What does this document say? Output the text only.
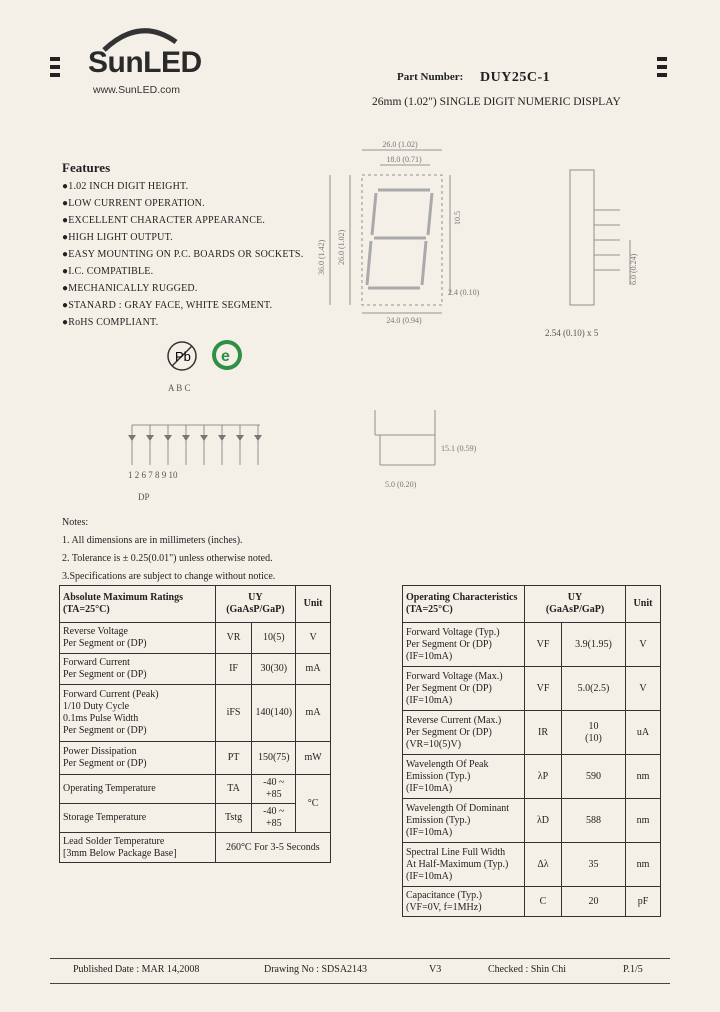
SunLED
www.SunLED.com
Part Number: DUY25C-1
26mm (1.02") SINGLE DIGIT NUMERIC DISPLAY
Features
●1.02 INCH DIGIT HEIGHT.
●LOW CURRENT OPERATION.
●EXCELLENT CHARACTER APPEARANCE.
●HIGH LIGHT OUTPUT.
●EASY MOUNTING ON P.C. BOARDS OR SOCKETS.
●I.C. COMPATIBLE.
●MECHANICALLY RUGGED.
●STANARD : GRAY FACE, WHITE SEGMENT.
●RoHS COMPLIANT.
Pb e
A B C
26.0 (1.02)
18.0 (0.71)
24.0 (0.94)
36.0 (1.42) 26.0 (1.02)
10.5
2.4 (0.10)
6.0 (0.24)
2.54 (0.10) x 5
1 2 6 7 8 9 10
DP
15.1 (0.59)
5.0 (0.20)
Notes:
1. All dimensions are in millimeters (inches).
2. Tolerance is ± 0.25(0.01") unless otherwise noted.
3.Specifications are subject to change without notice.
Absolute Maximum Ratings
(TA=25°C)	UY
(GaAsP/GaP)		Unit
Reverse Voltage
Per Segment or (DP)	VR	10(5)	V
Forward Current
Per Segment or (DP)	IF	30(30)	mA
Forward Current (Peak)
1/10 Duty Cycle
0.1ms Pulse Width
Per Segment or (DP)	iFS	140(140)	mA
Power Dissipation
Per Segment or (DP)	PT	150(75)	mW
Operating Temperature	TA	-40 ~ +85	°C
Storage Temperature	Tstg	-40 ~ +85	
Lead Solder Temperature
[3mm Below Package Base]	260°C For 3-5 Seconds		
Operating Characteristics
(TA=25°C)	UY
(GaAsP/GaP)		Unit
Forward Voltage (Typ.)
Per Segment Or (DP)
(IF=10mA)	VF	3.9(1.95)	V
Forward Voltage (Max.)
Per Segment Or (DP)
(IF=10mA)	VF	5.0(2.5)	V
Reverse Current (Max.)
Per Segment Or (DP)
(VR=10(5)V)	IR	10
(10)	uA
Wavelength Of Peak
Emission (Typ.)
(IF=10mA)	λP	590	nm
Wavelength Of Dominant
Emission (Typ.)
(IF=10mA)	λD	588	nm
Spectral Line Full Width
At Half-Maximum (Typ.)
(IF=10mA)	Δλ	35	nm
Capacitance (Typ.)
(VF=0V, f=1MHz)	C	20	pF
Published Date : MAR 14,2008	Drawing No : SDSA2143	V3	Checked : Shin Chi	P.1/5
